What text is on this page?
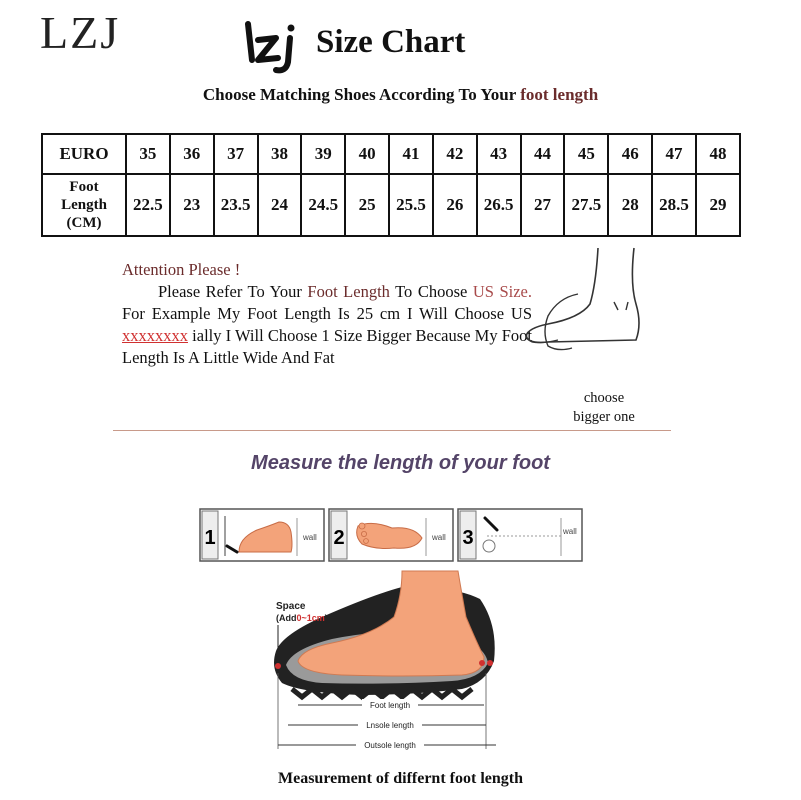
LZJ	Size Chart
Choose Matching Shoes According To Your foot length
EURO	35	36	37	38	39	40	41	42	43	44	45	46	47	48
Foot
Length
(CM)	22.5	23	23.5	24	24.5	25	25.5	26	26.5	27	27.5	28	28.5	29
Attention Please !
Please Refer To Your Foot Length To Choose US Size. For Example My Foot Length Is 25 cm I Will Choose US xxxxxxxx ially I Will Choose 1 Size Bigger Because My Foot Length Is A Little Wide And Fat
choose
bigger one
Measure the length of your foot
1	wall 2	wall 3	wall
Space
(Add0~1cm)
Foot length
Lnsole length
Outsole length
Measurement of differnt foot length
